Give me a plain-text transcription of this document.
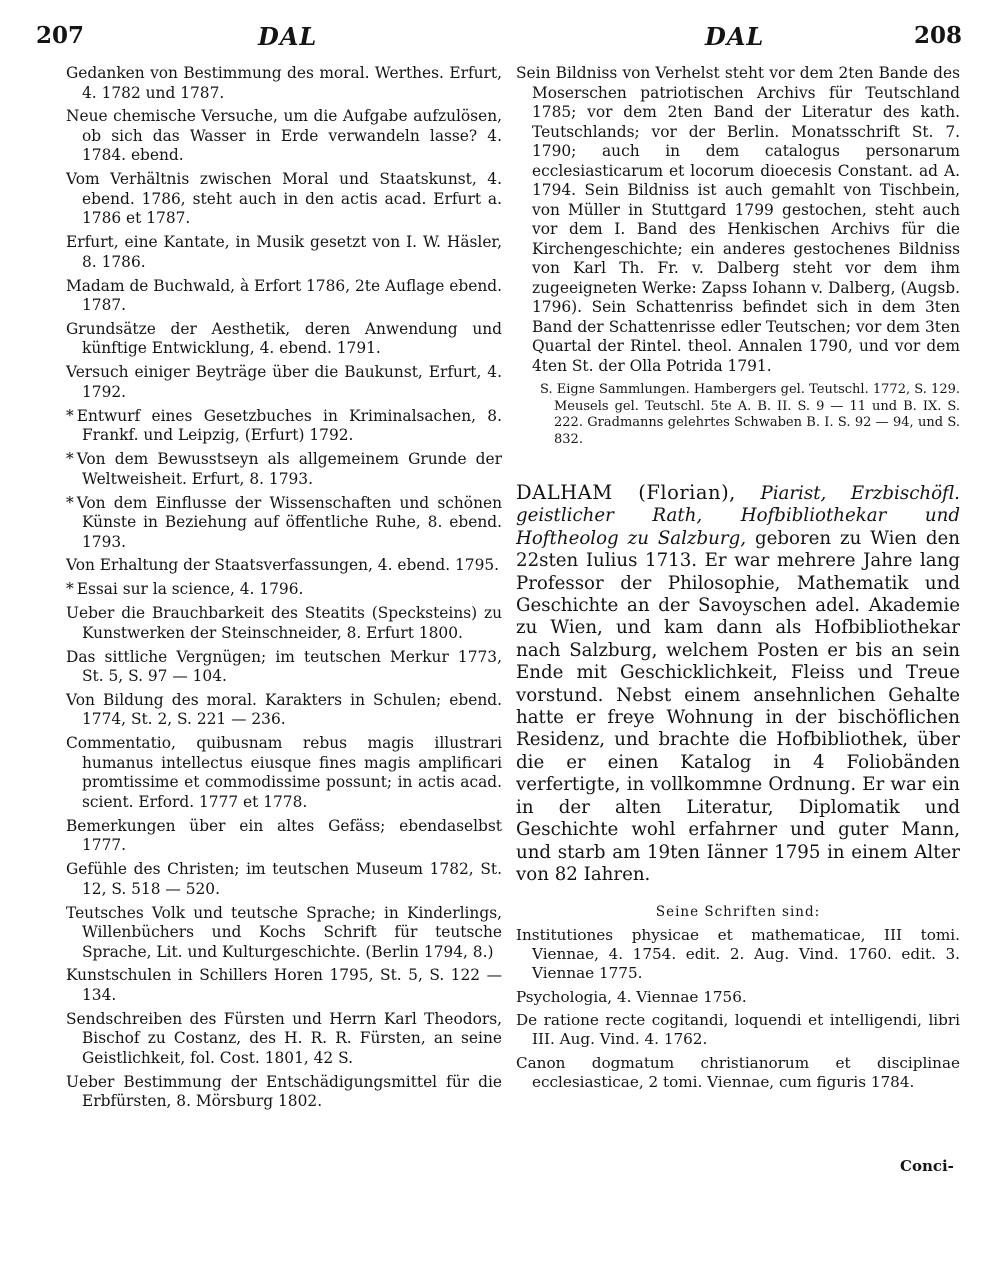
207	DAL	DAL	208

Gedanken von Bestimmung des moral. Werthes. Erfurt, 4. 1782 und 1787.

Neue chemische Versuche, um die Aufgabe aufzulösen, ob sich das Wasser in Erde verwandeln lasse? 4. 1784. ebend.

Vom Verhältnis zwischen Moral und Staatskunst, 4. ebend. 1786, steht auch in den actis acad. Erfurt a. 1786 et 1787.

Erfurt, eine Kantate, in Musik gesetzt von I. W. Häsler, 8. 1786.

Madam de Buchwald, à Erfort 1786, 2te Auflage ebend. 1787.

Grundsätze der Aesthetik, deren Anwendung und künftige Entwicklung, 4. ebend. 1791.

Versuch einiger Beyträge über die Baukunst, Erfurt, 4. 1792.

* Entwurf eines Gesetzbuches in Kriminalsachen, 8. Frankf. und Leipzig, (Erfurt) 1792.

* Von dem Bewusstseyn als allgemeinem Grunde der Weltweisheit. Erfurt, 8. 1793.

* Von dem Einflusse der Wissenschaften und schönen Künste in Beziehung auf öffentliche Ruhe, 8. ebend. 1793.

Von Erhaltung der Staatsverfassungen, 4. ebend. 1795.

* Essai sur la science, 4. 1796.

Ueber die Brauchbarkeit des Steatits (Specksteins) zu Kunstwerken der Steinschneider, 8. Erfurt 1800.

Das sittliche Vergnügen; im teutschen Merkur 1773, St. 5, S. 97 — 104.

Von Bildung des moral. Karakters in Schulen; ebend. 1774, St. 2, S. 221 — 236.

Commentatio, quibusnam rebus magis illustrari humanus intellectus eiusque fines magis amplificari promtissime et commodissime possunt; in actis acad. scient. Erford. 1777 et 1778.

Bemerkungen über ein altes Gefäss; ebendaselbst 1777.

Gefühle des Christen; im teutschen Museum 1782, St. 12, S. 518 — 520.

Teutsches Volk und teutsche Sprache; in Kinderlings, Willenbüchers und Kochs Schrift für teutsche Sprache, Lit. und Kulturgeschichte. (Berlin 1794, 8.)

Kunstschulen in Schillers Horen 1795, St. 5, S. 122 — 134.

Sendschreiben des Fürsten und Herrn Karl Theodors, Bischof zu Costanz, des H. R. R. Fürsten, an seine Geistlichkeit, fol. Cost. 1801, 42 S.

Ueber Bestimmung der Entschädigungsmittel für die Erbfürsten, 8. Mörsburg 1802.

Sein Bildniss von Verhelst steht vor dem 2ten Bande des Moserschen patriotischen Archivs für Teutschland 1785; vor dem 2ten Band der Literatur des kath. Teutschlands; vor der Berlin. Monatsschrift St. 7. 1790; auch in dem catalogus personarum ecclesiasticarum et locorum dioecesis Constant. ad A. 1794. Sein Bildniss ist auch gemahlt von Tischbein, von Müller in Stuttgard 1799 gestochen, steht auch vor dem I. Band des Henkischen Archivs für die Kirchengeschichte; ein anderes gestochenes Bildniss von Karl Th. Fr. v. Dalberg steht vor dem ihm zugeeigneten Werke: Zapss Iohann v. Dalberg, (Augsb. 1796). Sein Schattenriss befindet sich in dem 3ten Band der Schattenrisse edler Teutschen; vor dem 3ten Quartal der Rintel. theol. Annalen 1790, und vor dem 4ten St. der Olla Potrida 1791.

S. Eigne Sammlungen. Hambergers gel. Teutschl. 1772, S. 129. Meusels gel. Teutschl. 5te A. B. II. S. 9 — 11 und B. IX. S. 222. Gradmanns gelehrtes Schwaben B. I. S. 92 — 94, und S. 832.

DALHAM (Florian), Piarist, Erzbischöfl. geistlicher Rath, Hofbibliothekar und Hoftheolog zu Salzburg, geboren zu Wien den 22sten Iulius 1713. Er war mehrere Jahre lang Professor der Philosophie, Mathematik und Geschichte an der Savoyschen adel. Akademie zu Wien, und kam dann als Hofbibliothekar nach Salzburg, welchem Posten er bis an sein Ende mit Geschicklichkeit, Fleiss und Treue vorstund. Nebst einem ansehnlichen Gehalte hatte er freye Wohnung in der bischöflichen Residenz, und brachte die Hofbibliothek, über die er einen Katalog in 4 Foliobänden verfertigte, in vollkommne Ordnung. Er war ein in der alten Literatur, Diplomatik und Geschichte wohl erfahrner und guter Mann, und starb am 19ten Iänner 1795 in einem Alter von 82 Iahren.

Seine Schriften sind:

Institutiones physicae et mathematicae, III tomi. Viennae, 4. 1754. edit. 2. Aug. Vind. 1760. edit. 3. Viennae 1775.

Psychologia, 4. Viennae 1756.

De ratione recte cogitandi, loquendi et intelligendi, libri III. Aug. Vind. 4. 1762.

Canon dogmatum christianorum et disciplinae ecclesiasticae, 2 tomi. Viennae, cum figuris 1784.

Conci-
